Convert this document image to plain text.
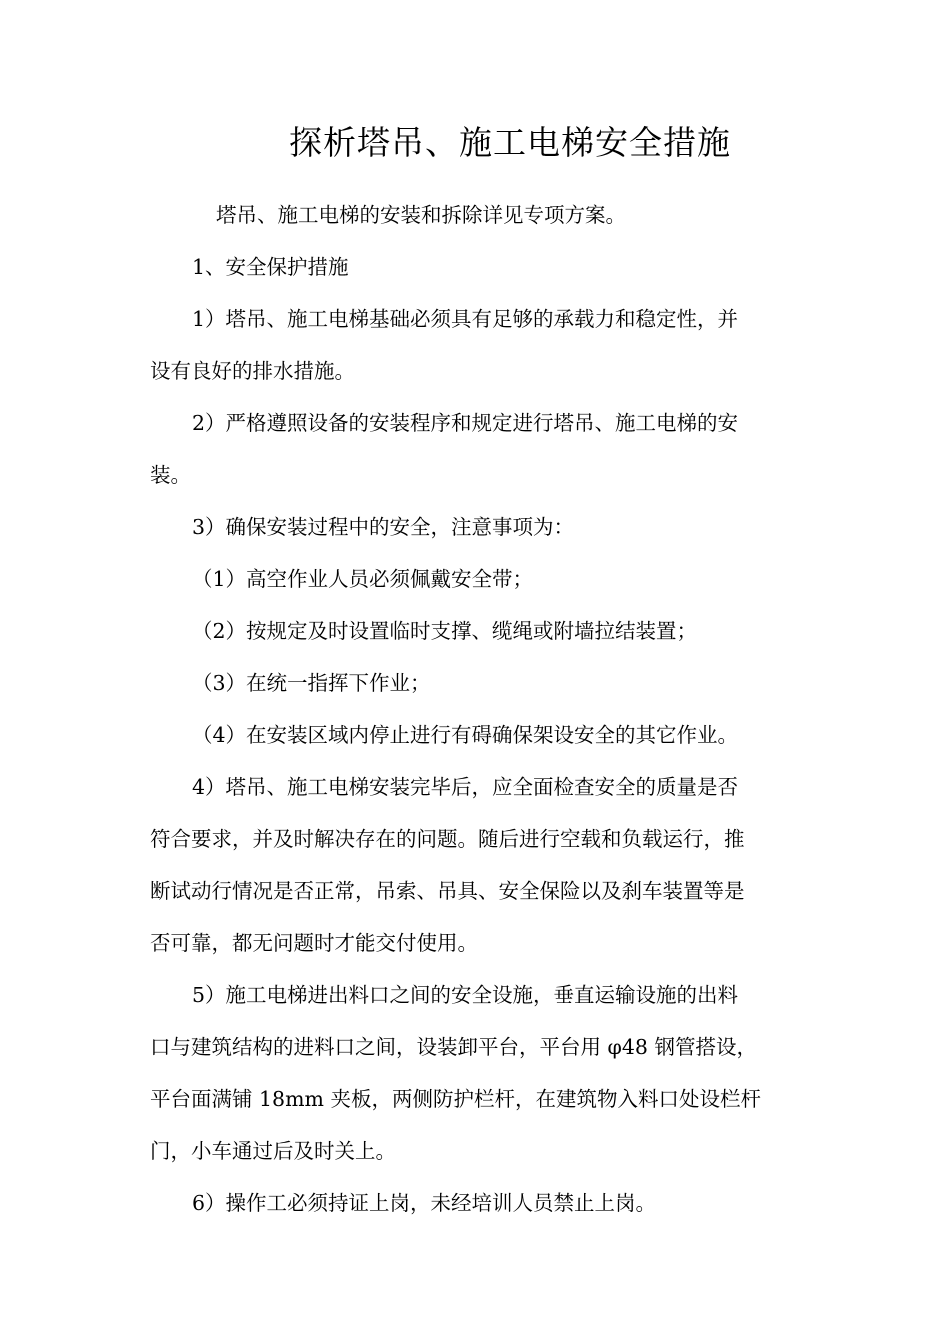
探析塔吊、施工电梯安全措施

塔吊、施工电梯的安装和拆除详见专项方案。

1、安全保护措施

1）塔吊、施工电梯基础必须具有足够的承载力和稳定性，并

设有良好的排水措施。

2）严格遵照设备的安装程序和规定进行塔吊、施工电梯的安

装。

3）确保安装过程中的安全，注意事项为：

（1）高空作业人员必须佩戴安全带；

（2）按规定及时设置临时支撑、缆绳或附墙拉结装置；

（3）在统一指挥下作业；

（4）在安装区域内停止进行有碍确保架设安全的其它作业。

4）塔吊、施工电梯安装完毕后，应全面检查安全的质量是否

符合要求，并及时解决存在的问题。随后进行空载和负载运行，推

断试动行情况是否正常，吊索、吊具、安全保险以及刹车装置等是

否可靠，都无问题时才能交付使用。

5）施工电梯进出料口之间的安全设施，垂直运输设施的出料

口与建筑结构的进料口之间，设装卸平台，平台用 φ48 钢管搭设，

平台面满铺 18mm 夹板，两侧防护栏杆，在建筑物入料口处设栏杆

门，小车通过后及时关上。

6）操作工必须持证上岗，未经培训人员禁止上岗。
